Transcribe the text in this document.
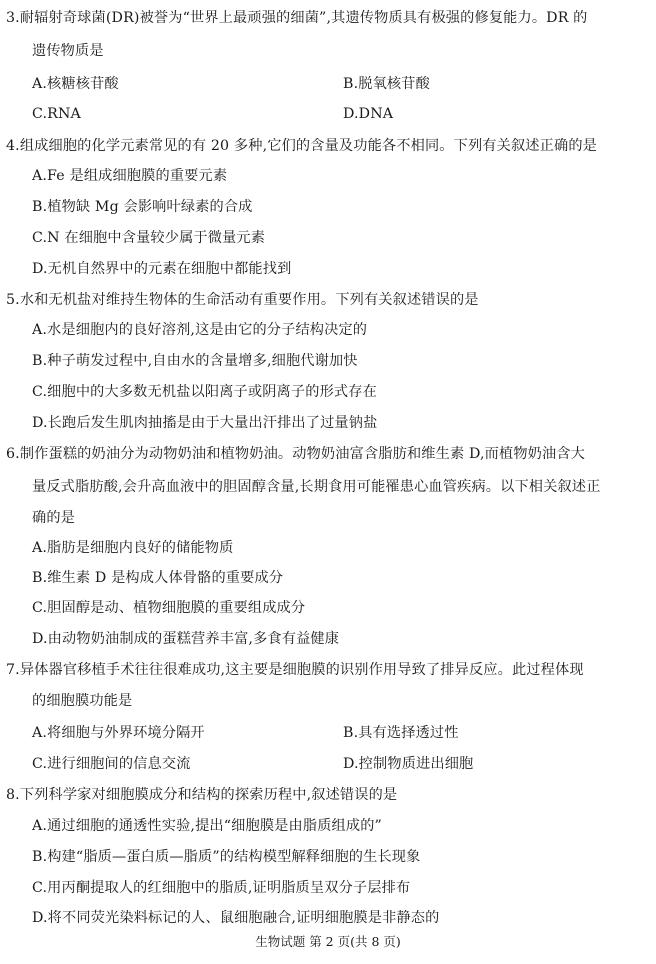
3.耐辐射奇球菌(DR)被誉为“世界上最顽强的细菌”,其遗传物质具有极强的修复能力。DR 的
遗传物质是
A.核糖核苷酸	B.脱氧核苷酸
C.RNA	D.DNA
4.组成细胞的化学元素常见的有 20 多种,它们的含量及功能各不相同。下列有关叙述正确的是
A.Fe 是组成细胞膜的重要元素
B.植物缺 Mg 会影响叶绿素的合成
C.N 在细胞中含量较少属于微量元素
D.无机自然界中的元素在细胞中都能找到
5.水和无机盐对维持生物体的生命活动有重要作用。下列有关叙述错误的是
A.水是细胞内的良好溶剂,这是由它的分子结构决定的
B.种子萌发过程中,自由水的含量增多,细胞代谢加快
C.细胞中的大多数无机盐以阳离子或阴离子的形式存在
D.长跑后发生肌肉抽搐是由于大量出汗排出了过量钠盐
6.制作蛋糕的奶油分为动物奶油和植物奶油。动物奶油富含脂肪和维生素 D,而植物奶油含大
量反式脂肪酸,会升高血液中的胆固醇含量,长期食用可能罹患心血管疾病。以下相关叙述正
确的是
A.脂肪是细胞内良好的储能物质
B.维生素 D 是构成人体骨骼的重要成分
C.胆固醇是动、植物细胞膜的重要组成成分
D.由动物奶油制成的蛋糕营养丰富,多食有益健康
7.异体器官移植手术往往很难成功,这主要是细胞膜的识别作用导致了排异反应。此过程体现
的细胞膜功能是
A.将细胞与外界环境分隔开	B.具有选择透过性
C.进行细胞间的信息交流	D.控制物质进出细胞
8.下列科学家对细胞膜成分和结构的探索历程中,叙述错误的是
A.通过细胞的通透性实验,提出“细胞膜是由脂质组成的”
B.构建“脂质—蛋白质—脂质”的结构模型解释细胞的生长现象
C.用丙酮提取人的红细胞中的脂质,证明脂质呈双分子层排布
D.将不同荧光染料标记的人、鼠细胞融合,证明细胞膜是非静态的
生物试题 第 2 页(共 8 页)
